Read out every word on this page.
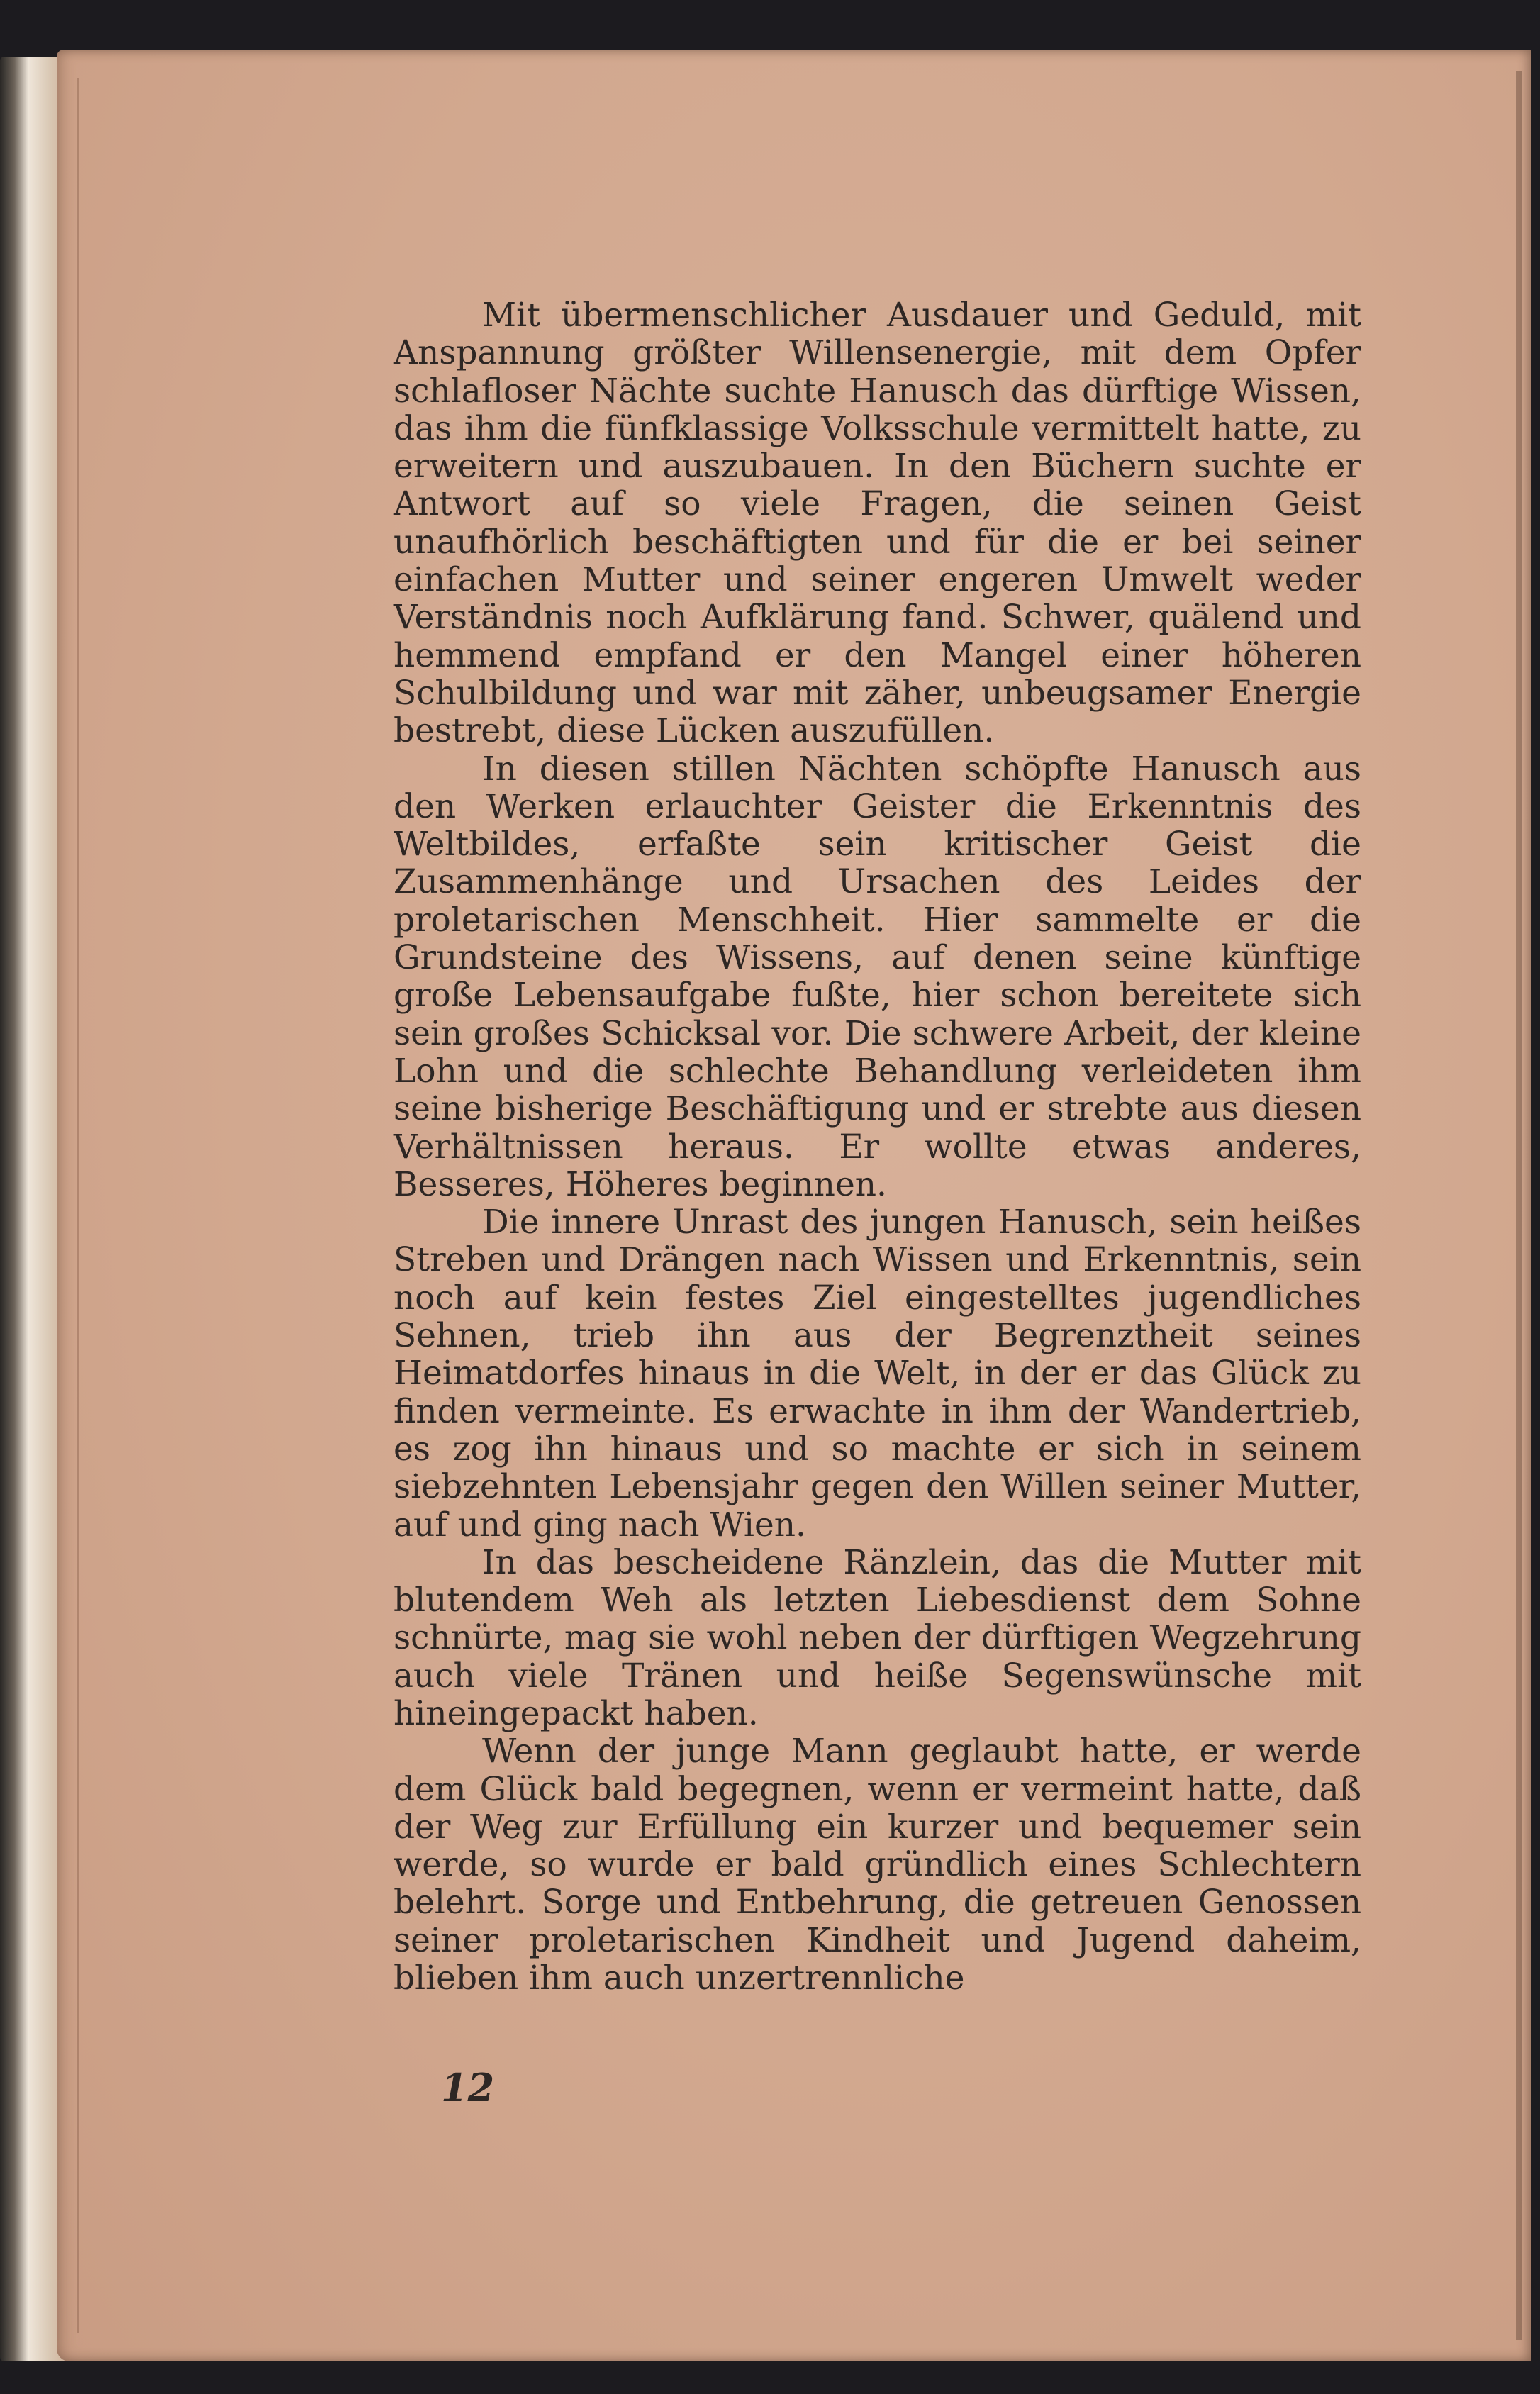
Mit übermenschlicher Ausdauer und Geduld, mit Anspannung größter Willensenergie, mit dem Opfer schlafloser Nächte suchte Hanusch das dürftige Wissen, das ihm die fünfklassige Volksschule vermittelt hatte, zu erweitern und auszubauen. In den Büchern suchte er Antwort auf so viele Fragen, die seinen Geist unaufhörlich beschäftigten und für die er bei seiner einfachen Mutter und seiner engeren Umwelt weder Verständnis noch Aufklärung fand. Schwer, quälend und hemmend empfand er den Mangel einer höheren Schulbildung und war mit zäher, unbeugsamer Energie bestrebt, diese Lücken auszufüllen.

In diesen stillen Nächten schöpfte Hanusch aus den Werken erlauchter Geister die Erkenntnis des Weltbildes, erfaßte sein kritischer Geist die Zusammenhänge und Ursachen des Leides der proletarischen Menschheit. Hier sammelte er die Grundsteine des Wissens, auf denen seine künftige große Lebensaufgabe fußte, hier schon bereitete sich sein großes Schicksal vor. Die schwere Arbeit, der kleine Lohn und die schlechte Behandlung verleideten ihm seine bisherige Beschäftigung und er strebte aus diesen Verhältnissen heraus. Er wollte etwas anderes, Besseres, Höheres beginnen.

Die innere Unrast des jungen Hanusch, sein heißes Streben und Drängen nach Wissen und Erkenntnis, sein noch auf kein festes Ziel eingestelltes jugendliches Sehnen, trieb ihn aus der Begrenztheit seines Heimatdorfes hinaus in die Welt, in der er das Glück zu finden vermeinte. Es erwachte in ihm der Wandertrieb, es zog ihn hinaus und so machte er sich in seinem siebzehnten Lebensjahr gegen den Willen seiner Mutter, auf und ging nach Wien.

In das bescheidene Ränzlein, das die Mutter mit blutendem Weh als letzten Liebesdienst dem Sohne schnürte, mag sie wohl neben der dürftigen Wegzehrung auch viele Tränen und heiße Segenswünsche mit hineingepackt haben.

Wenn der junge Mann geglaubt hatte, er werde dem Glück bald begegnen, wenn er vermeint hatte, daß der Weg zur Erfüllung ein kurzer und bequemer sein werde, so wurde er bald gründlich eines Schlechtern belehrt. Sorge und Entbehrung, die getreuen Genossen seiner proletarischen Kindheit und Jugend daheim, blieben ihm auch unzertrennliche

12
